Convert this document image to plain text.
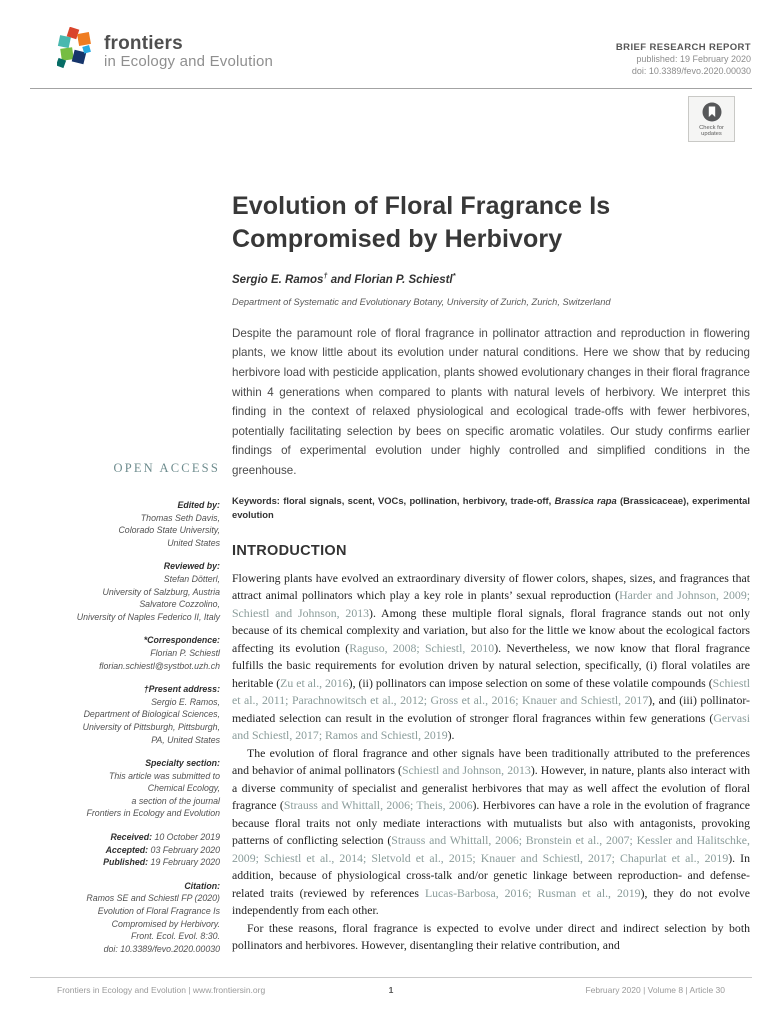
frontiers
in Ecology and Evolution
BRIEF RESEARCH REPORT
published: 19 February 2020
doi: 10.3389/fevo.2020.00030
Check for updates
OPEN ACCESS
Edited by:
Thomas Seth Davis,
Colorado State University,
United States
Reviewed by:
Stefan Dötterl,
University of Salzburg, Austria
Salvatore Cozzolino,
University of Naples Federico II, Italy
*Correspondence:
Florian P. Schiestl
florian.schiestl@systbot.uzh.ch
†Present address:
Sergio E. Ramos,
Department of Biological Sciences,
University of Pittsburgh, Pittsburgh,
PA, United States
Specialty section:
This article was submitted to
Chemical Ecology,
a section of the journal
Frontiers in Ecology and Evolution
Received: 10 October 2019
Accepted: 03 February 2020
Published: 19 February 2020
Citation:
Ramos SE and Schiestl FP (2020)
Evolution of Floral Fragrance Is
Compromised by Herbivory.
Front. Ecol. Evol. 8:30.
doi: 10.3389/fevo.2020.00030
Evolution of Floral Fragrance Is
Compromised by Herbivory
Sergio E. Ramos† and Florian P. Schiestl*
Department of Systematic and Evolutionary Botany, University of Zurich, Zurich, Switzerland

Despite the paramount role of floral fragrance in pollinator attraction and reproduction in flowering plants, we know little about its evolution under natural conditions. Here we show that by reducing herbivore load with pesticide application, plants showed evolutionary changes in their floral fragrance within 4 generations when compared to plants with natural levels of herbivory. We interpret this finding in the context of relaxed physiological and ecological trade-offs with fewer herbivores, potentially facilitating selection by bees on specific aromatic volatiles. Our study confirms earlier findings of experimental evolution under highly controlled and simplified conditions in the greenhouse.

Keywords: floral signals, scent, VOCs, pollination, herbivory, trade-off, Brassica rapa (Brassicaceae), experimental evolution

INTRODUCTION

Flowering plants have evolved an extraordinary diversity of flower colors, shapes, sizes, and fragrances that attract animal pollinators which play a key role in plants’ sexual reproduction (Harder and Johnson, 2009; Schiestl and Johnson, 2013). Among these multiple floral signals, floral fragrance stands out not only because of its chemical complexity and variation, but also for the little we know about the ecological factors affecting its evolution (Raguso, 2008; Schiestl, 2010). Nevertheless, we now know that floral fragrance fulfills the basic requirements for evolution driven by natural selection, specifically, (i) floral volatiles are heritable (Zu et al., 2016), (ii) pollinators can impose selection on some of these volatile compounds (Schiestl et al., 2011; Parachnowitsch et al., 2012; Gross et al., 2016; Knauer and Schiestl, 2017), and (iii) pollinator-mediated selection can result in the evolution of stronger floral fragrances within few generations (Gervasi and Schiestl, 2017; Ramos and Schiestl, 2019).

The evolution of floral fragrance and other signals have been traditionally attributed to the preferences and behavior of animal pollinators (Schiestl and Johnson, 2013). However, in nature, plants also interact with a diverse community of specialist and generalist herbivores that may as well affect the evolution of floral fragrance (Strauss and Whittall, 2006; Theis, 2006). Herbivores can have a role in the evolution of fragrance because floral traits not only mediate interactions with mutualists but also with antagonists, provoking patterns of conflicting selection (Strauss and Whittall, 2006; Bronstein et al., 2007; Kessler and Halitschke, 2009; Schiestl et al., 2014; Sletvold et al., 2015; Knauer and Schiestl, 2017; Chapurlat et al., 2019). In addition, because of physiological cross-talk and/or genetic linkage between reproduction- and defense-related traits (reviewed by references Lucas-Barbosa, 2016; Rusman et al., 2019), they do not evolve independently from each other.

For these reasons, floral fragrance is expected to evolve under direct and indirect selection by both pollinators and herbivores. However, disentangling their relative contribution, and

1
Frontiers in Ecology and Evolution | www.frontiersin.org	February 2020 | Volume 8 | Article 30
